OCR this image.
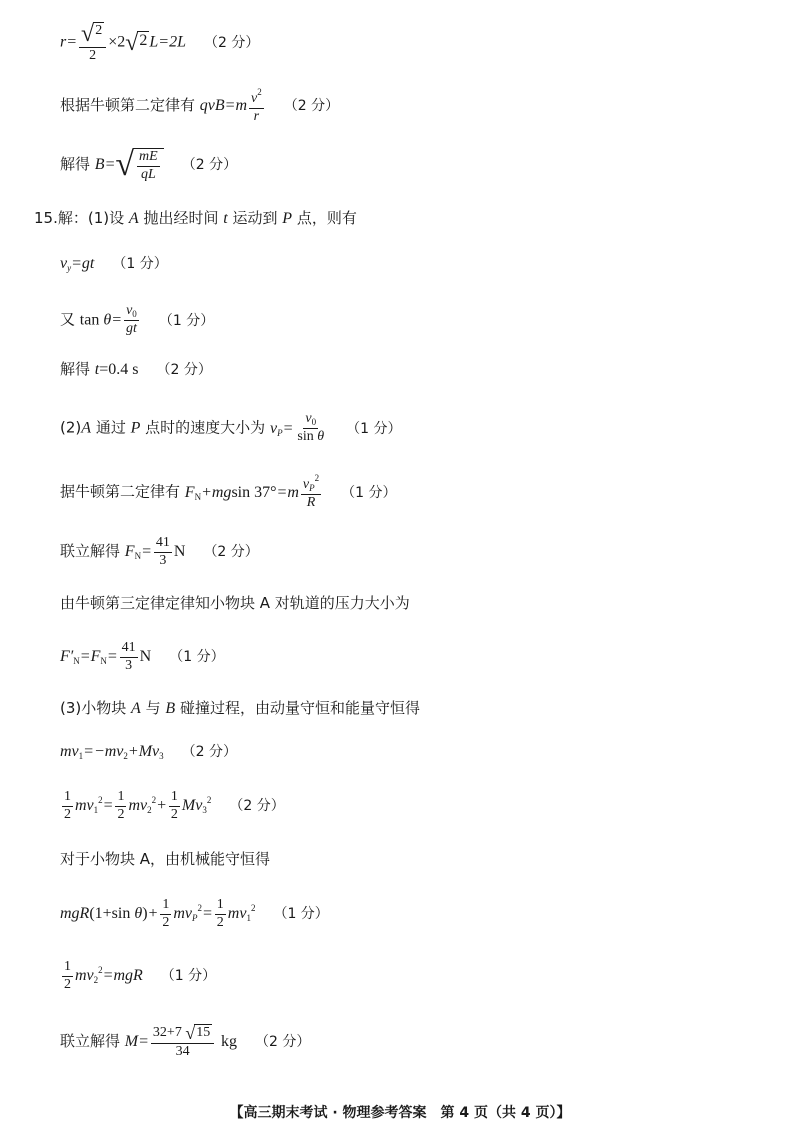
$r= \frac{√ 2}{2} \times 2$ √ 2 L=2L （2 分）
根据牛顿第二定律有 $qvB=m \frac{v^2}{r} (2$ 分）
解得 B= √ $\frac{mE}{qL} (2$ 分）
15.解：(1)设 A 抛出经时间 t 运动到 P 点，则有
$v_y=gt$ （1 分）
又 $\tan \theta= \frac{v_0}{gt} (1$ 分）
解得 t=0.4 s （2 分）
(2)A 通过 P 点时的速度大小为 $v_P= \frac{v_0}{\text{sin θ}} (1$ 分）
据牛顿第二定律有 $F_N+mgsin$ $37^\circ=m \frac{v_P^2}{R} (1$ 分）
联立解得 $F_N= \frac{41}{3}$ N （2 分）
由牛顿第三定律定律知小物块 A 对轨道的压力大小为
$F'_N=F_N= \frac{41}{3}$ N （1 分）
(3)小物块 A 与 B 碰撞过程，由动量守恒和能量守恒得
$mv_1=-mv_2+Mv_3$ （2 分）
$\frac{1}{2} mv_1^2= \frac{1}{2} mv_2^2+ \frac{1}{2} Mv_3^2$ （2 分）
对于小物块 A，由机械能守恒得
mgR(1+sin $\theta)+ \frac{1}{2} mv_P^2= \frac{1}{2} mv_1^2$ （1 分）
$\frac{1}{2} mv_2^2=mgR$ （1 分）
联立解得 $M= \frac{32+7 √ 15}{34}$ kg （2 分）
【高三期末考试 · 物理参考答案　第 4 页（共 4 页）】
